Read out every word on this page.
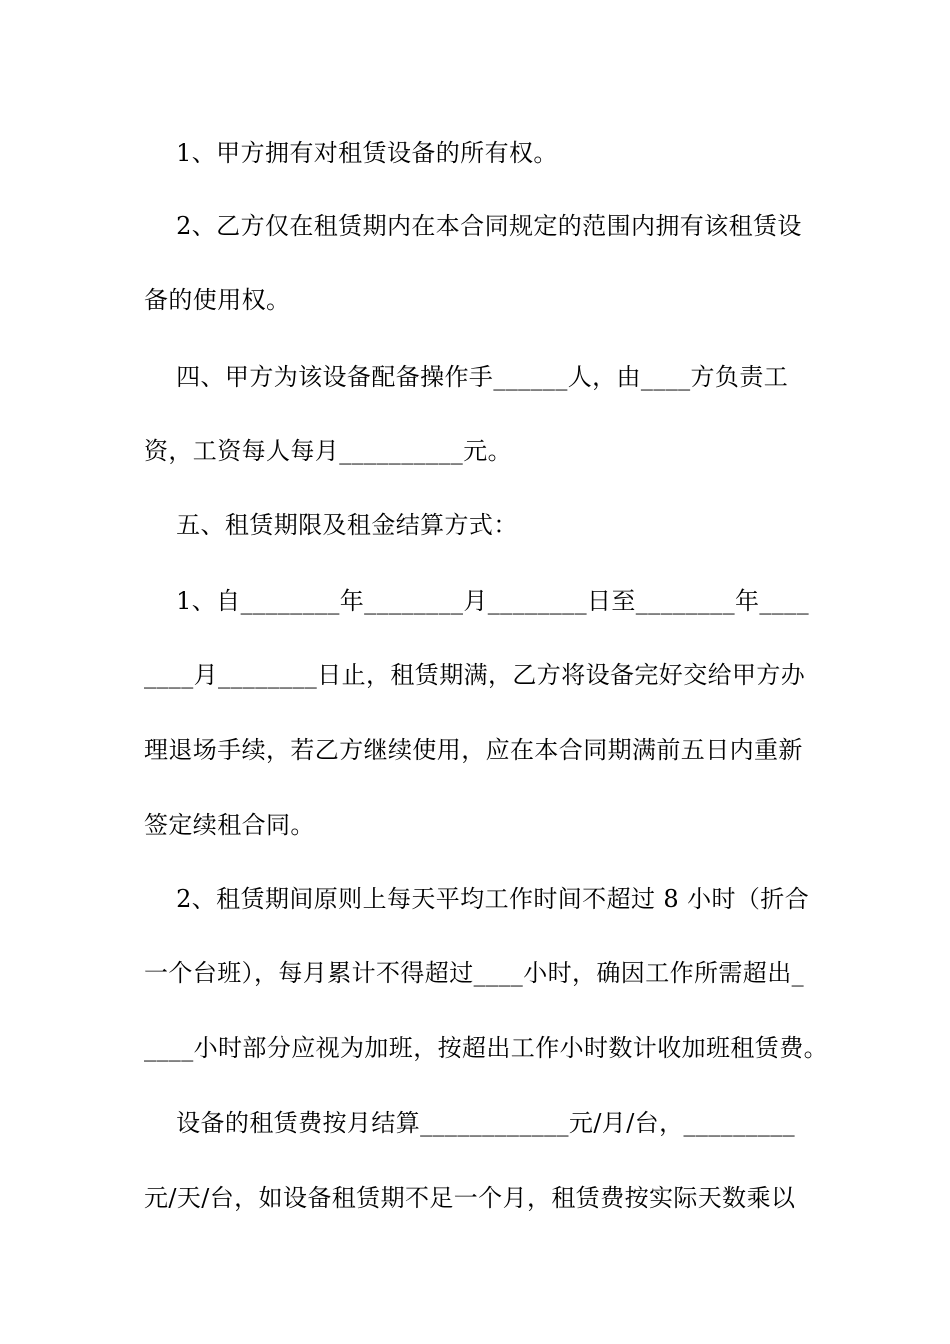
1、甲方拥有对租赁设备的所有权。
2、乙方仅在租赁期内在本合同规定的范围内拥有该租赁设
备的使用权。
四、甲方为该设备配备操作手______人，由____方负责工
资，工资每人每月__________元。
五、租赁期限及租金结算方式：
1、自________年________月________日至________年____
____月________日止，租赁期满，乙方将设备完好交给甲方办
理退场手续，若乙方继续使用，应在本合同期满前五日内重新
签定续租合同。
2、租赁期间原则上每天平均工作时间不超过 8 小时（折合
一个台班），每月累计不得超过____小时，确因工作所需超出_
____小时部分应视为加班，按超出工作小时数计收加班租赁费。
设备的租赁费按月结算____________元/月/台，_________
元/天/台，如设备租赁期不足一个月，租赁费按实际天数乘以
